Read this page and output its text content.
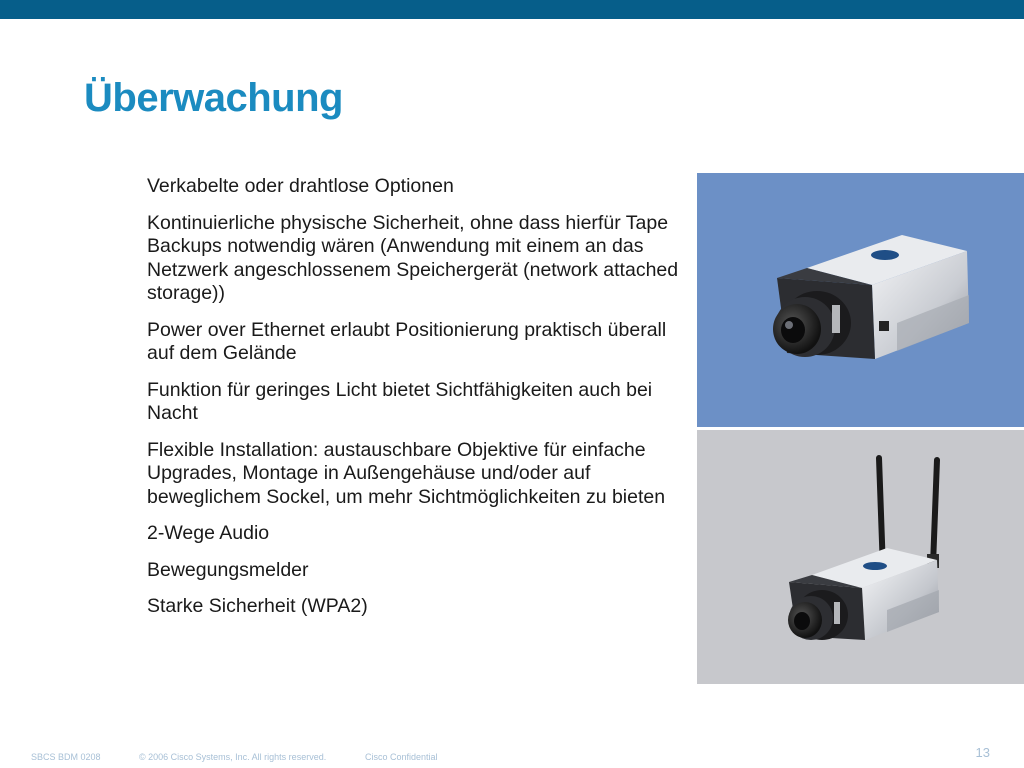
Überwachung
Verkabelte oder drahtlose Optionen
Kontinuierliche physische Sicherheit, ohne dass hierfür Tape Backups notwendig wären (Anwendung mit einem an das Netzwerk angeschlossenem Speichergerät (network attached storage))
Power over Ethernet erlaubt Positionierung praktisch überall auf dem Gelände
Funktion für geringes Licht bietet Sichtfähigkeiten auch bei Nacht
Flexible Installation: austauschbare Objektive für einfache Upgrades, Montage in Außengehäuse und/oder auf beweglichem Sockel, um mehr Sichtmöglichkeiten zu bieten
2-Wege Audio
Bewegungsmelder
Starke Sicherheit (WPA2)
SBCS BDM 0208	© 2006 Cisco Systems, Inc. All rights reserved.	Cisco Confidential	13
